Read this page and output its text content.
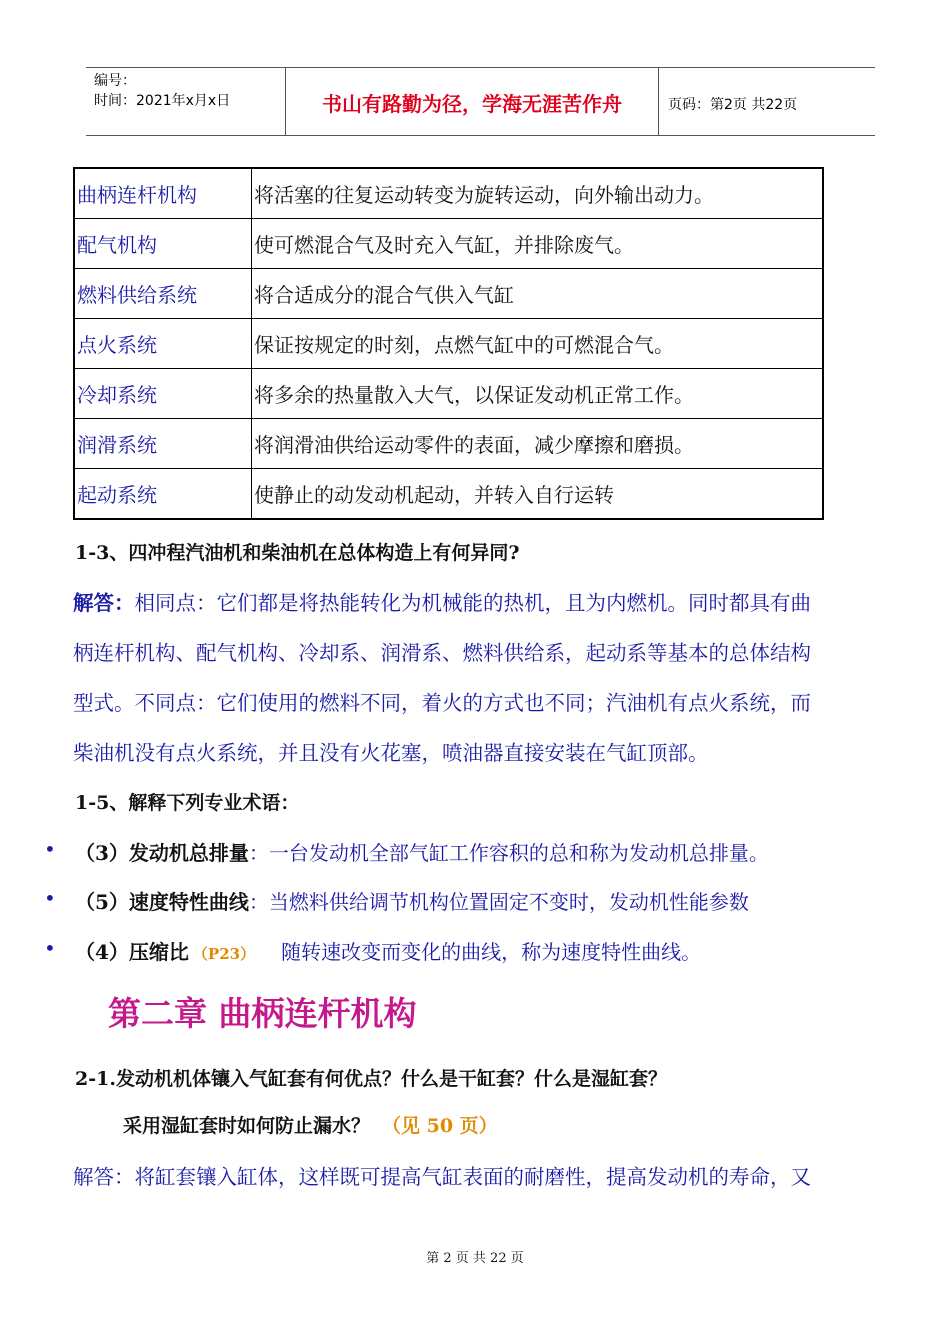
编号：
时间：2021年x月x日	书山有路勤为径，学海无涯苦作舟	页码：第2页 共22页
曲柄连杆机构	将活塞的往复运动转变为旋转运动，向外输出动力。
配气机构	使可燃混合气及时充入气缸，并排除废气。
燃料供给系统	将合适成分的混合气供入气缸
点火系统	保证按规定的时刻，点燃气缸中的可燃混合气。
冷却系统	将多余的热量散入大气，以保证发动机正常工作。
润滑系统	将润滑油供给运动零件的表面，减少摩擦和磨损。
起动系统	使静止的动发动机起动，并转入自行运转
1-3、四冲程汽油机和柴油机在总体构造上有何异同?
解答：相同点：它们都是将热能转化为机械能的热机，且为内燃机。同时都具有曲
柄连杆机构、配气机构、冷却系、润滑系、燃料供给系，起动系等基本的总体结构
型式。不同点：它们使用的燃料不同，着火的方式也不同；汽油机有点火系统，而
柴油机没有点火系统，并且没有火花塞，喷油器直接安装在气缸顶部。
1-5、解释下列专业术语：
• （3）发动机总排量：一台发动机全部气缸工作容积的总和称为发动机总排量。
• （5）速度特性曲线：当燃料供给调节机构位置固定不变时，发动机性能参数
• （4）压缩比 （P23） 随转速改变而变化的曲线，称为速度特性曲线。
第二章 曲柄连杆机构
2-1.发动机机体镶入气缸套有何优点？什么是干缸套？什么是湿缸套？
采用湿缸套时如何防止漏水？ （见 50 页）
解答：将缸套镶入缸体，这样既可提高气缸表面的耐磨性，提高发动机的寿命，又
第 2 页 共 22 页
